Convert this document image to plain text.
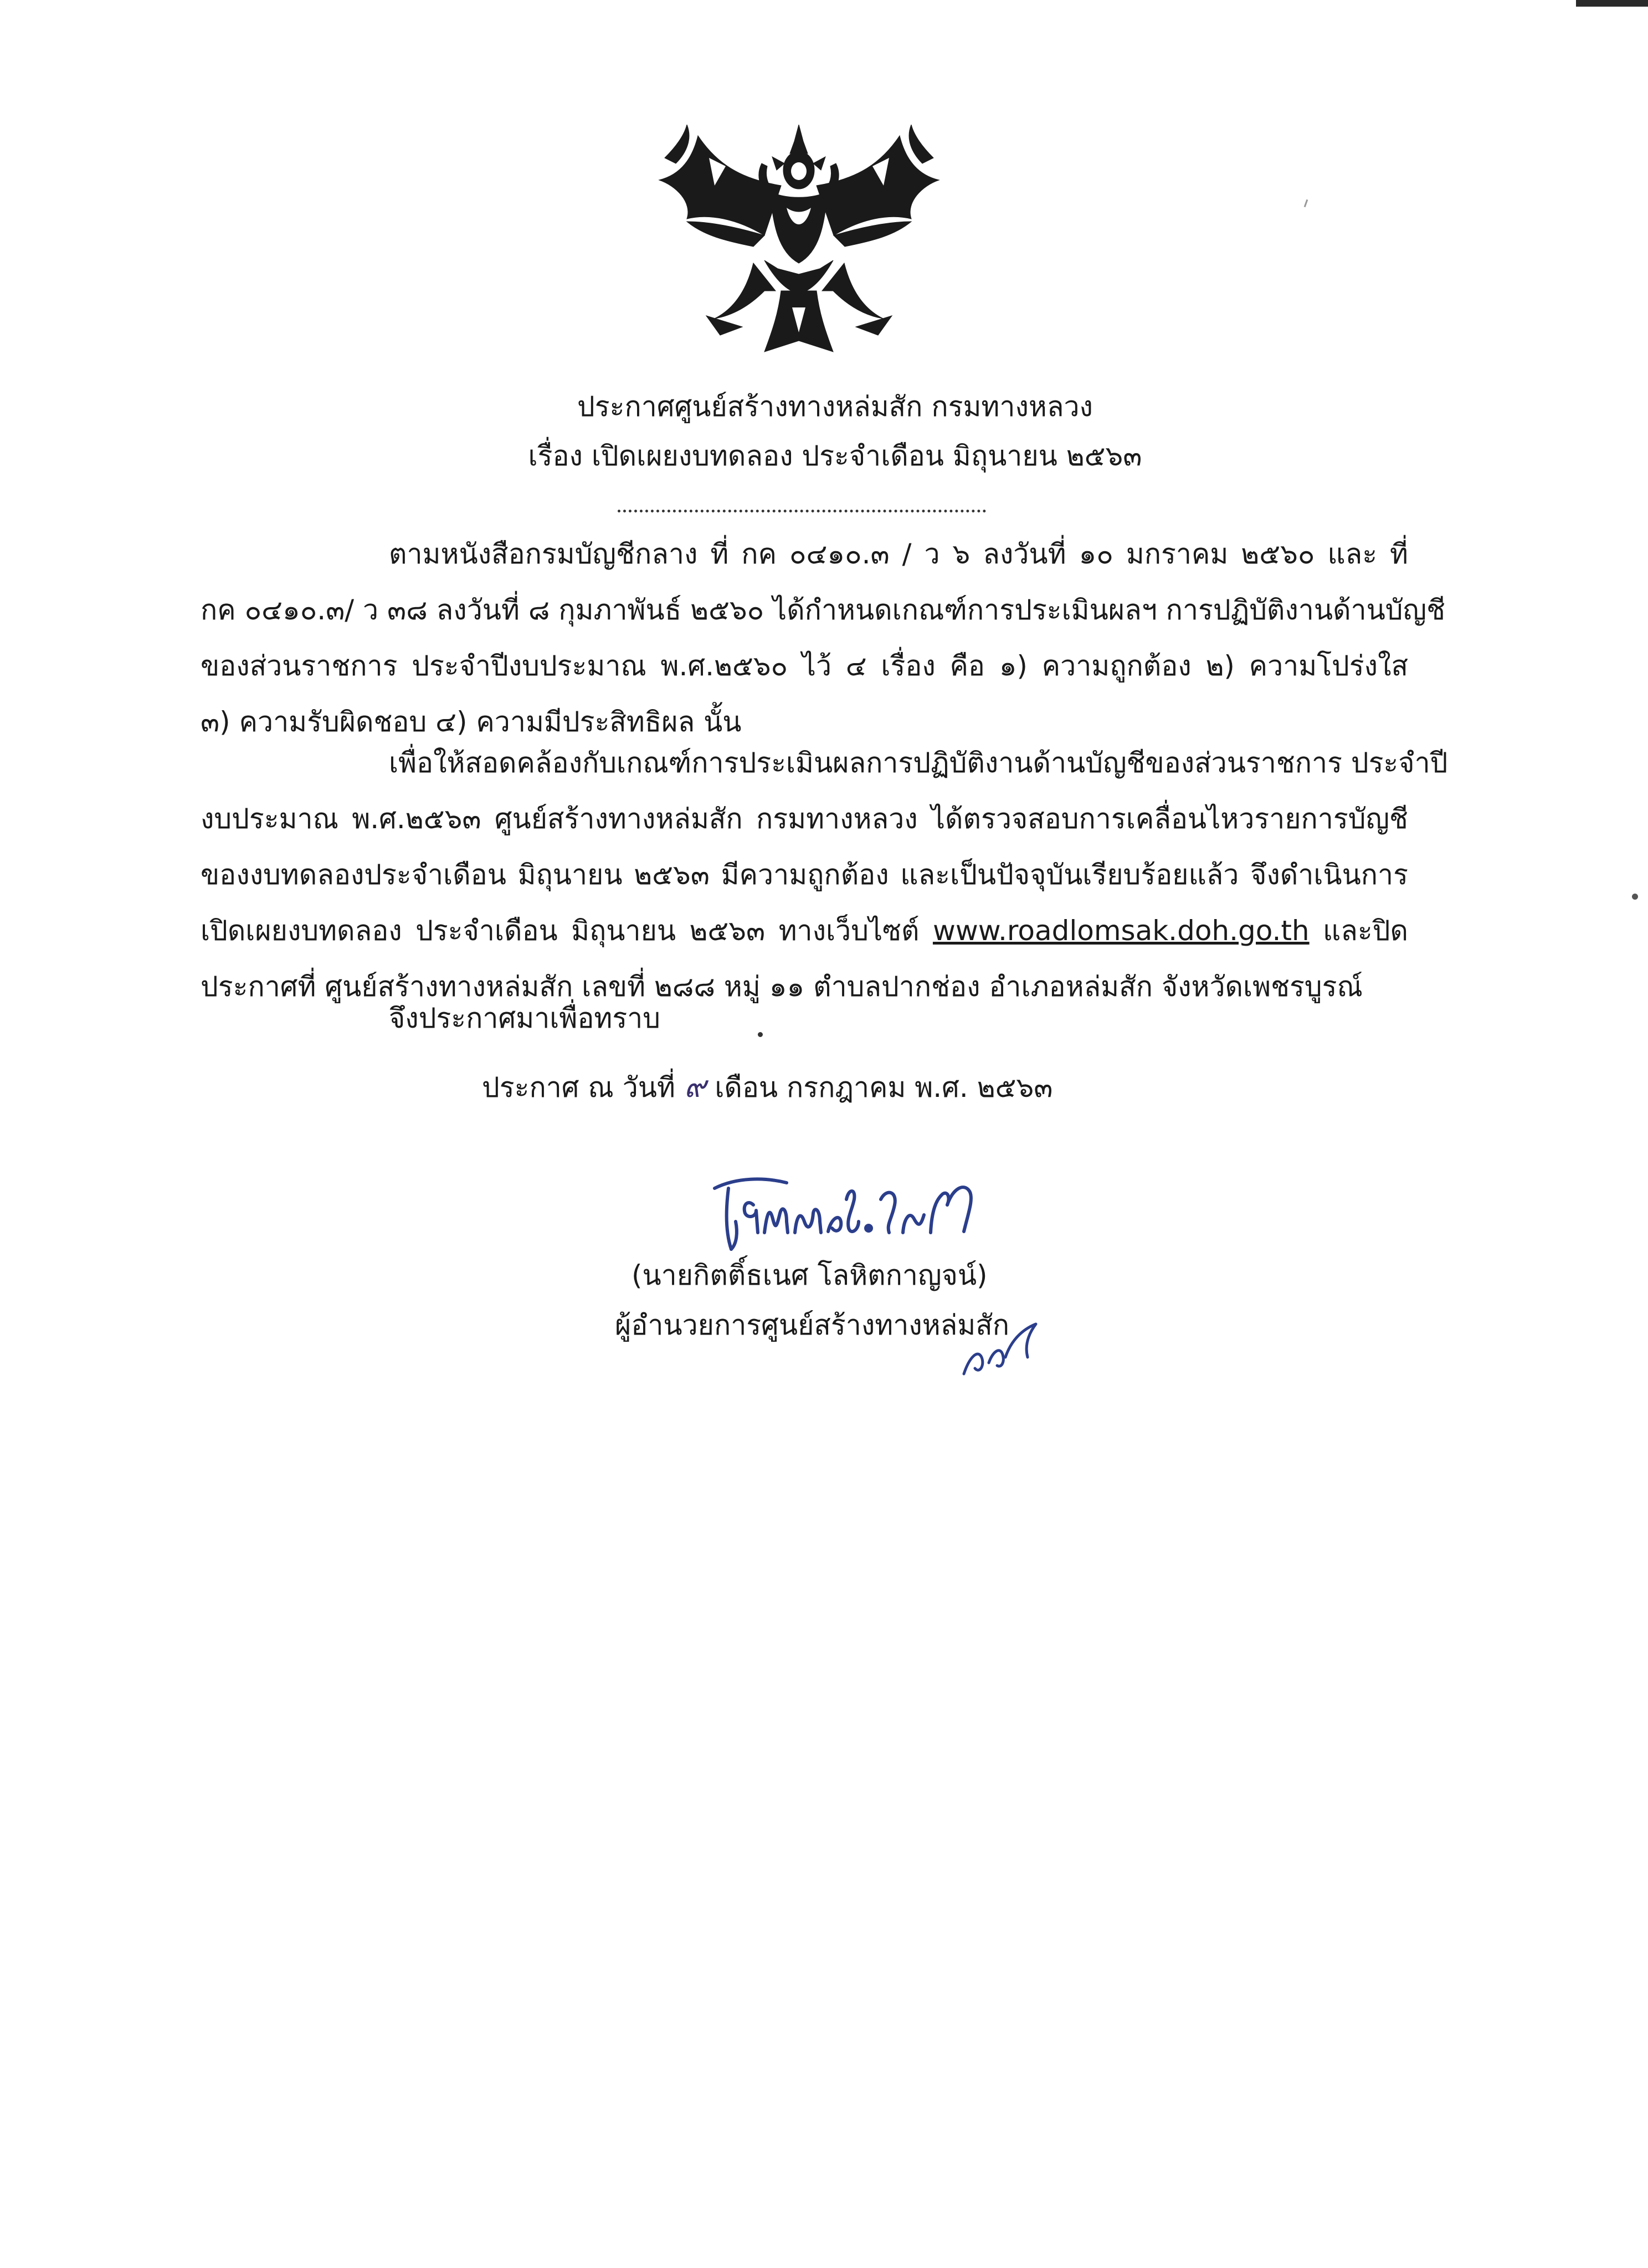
ประกาศศูนย์สร้างทางหล่มสัก กรมทางหลวง
เรื่อง เปิดเผยงบทดลอง ประจำเดือน มิถุนายน ๒๕๖๓
ตามหนังสือกรมบัญชีกลาง ที่ กค ๐๔๑๐.๓ / ว ๖ ลงวันที่ ๑๐ มกราคม ๒๕๖๐ และ ที่
กค ๐๔๑๐.๓/ ว ๓๘ ลงวันที่ ๘ กุมภาพันธ์ ๒๕๖๐ ได้กำหนดเกณฑ์การประเมินผลฯ การปฏิบัติงานด้านบัญชี
ของส่วนราชการ ประจำปีงบประมาณ พ.ศ.๒๕๖๐ ไว้ ๔ เรื่อง คือ ๑) ความถูกต้อง ๒) ความโปร่งใส
๓) ความรับผิดชอบ ๔) ความมีประสิทธิผล นั้น
เพื่อให้สอดคล้องกับเกณฑ์การประเมินผลการปฏิบัติงานด้านบัญชีของส่วนราชการ ประจำปี
งบประมาณ พ.ศ.๒๕๖๓ ศูนย์สร้างทางหล่มสัก กรมทางหลวง ได้ตรวจสอบการเคลื่อนไหวรายการบัญชี
ของงบทดลองประจำเดือน มิถุนายน ๒๕๖๓ มีความถูกต้อง และเป็นปัจจุบันเรียบร้อยแล้ว จึงดำเนินการ
เปิดเผยงบทดลอง ประจำเดือน มิถุนายน ๒๕๖๓ ทางเว็บไซต์ www.roadlomsak.doh.go.th และปิด
ประกาศที่ ศูนย์สร้างทางหล่มสัก เลขที่ ๒๘๘ หมู่ ๑๑ ตำบลปากช่อง อำเภอหล่มสัก จังหวัดเพชรบูรณ์
จึงประกาศมาเพื่อทราบ
ประกาศ ณ วันที่ ๙ เดือน กรกฎาคม พ.ศ. ๒๕๖๓
(นายกิตติ์ธเนศ โลหิตกาญจน์)
ผู้อำนวยการศูนย์สร้างทางหล่มสัก
